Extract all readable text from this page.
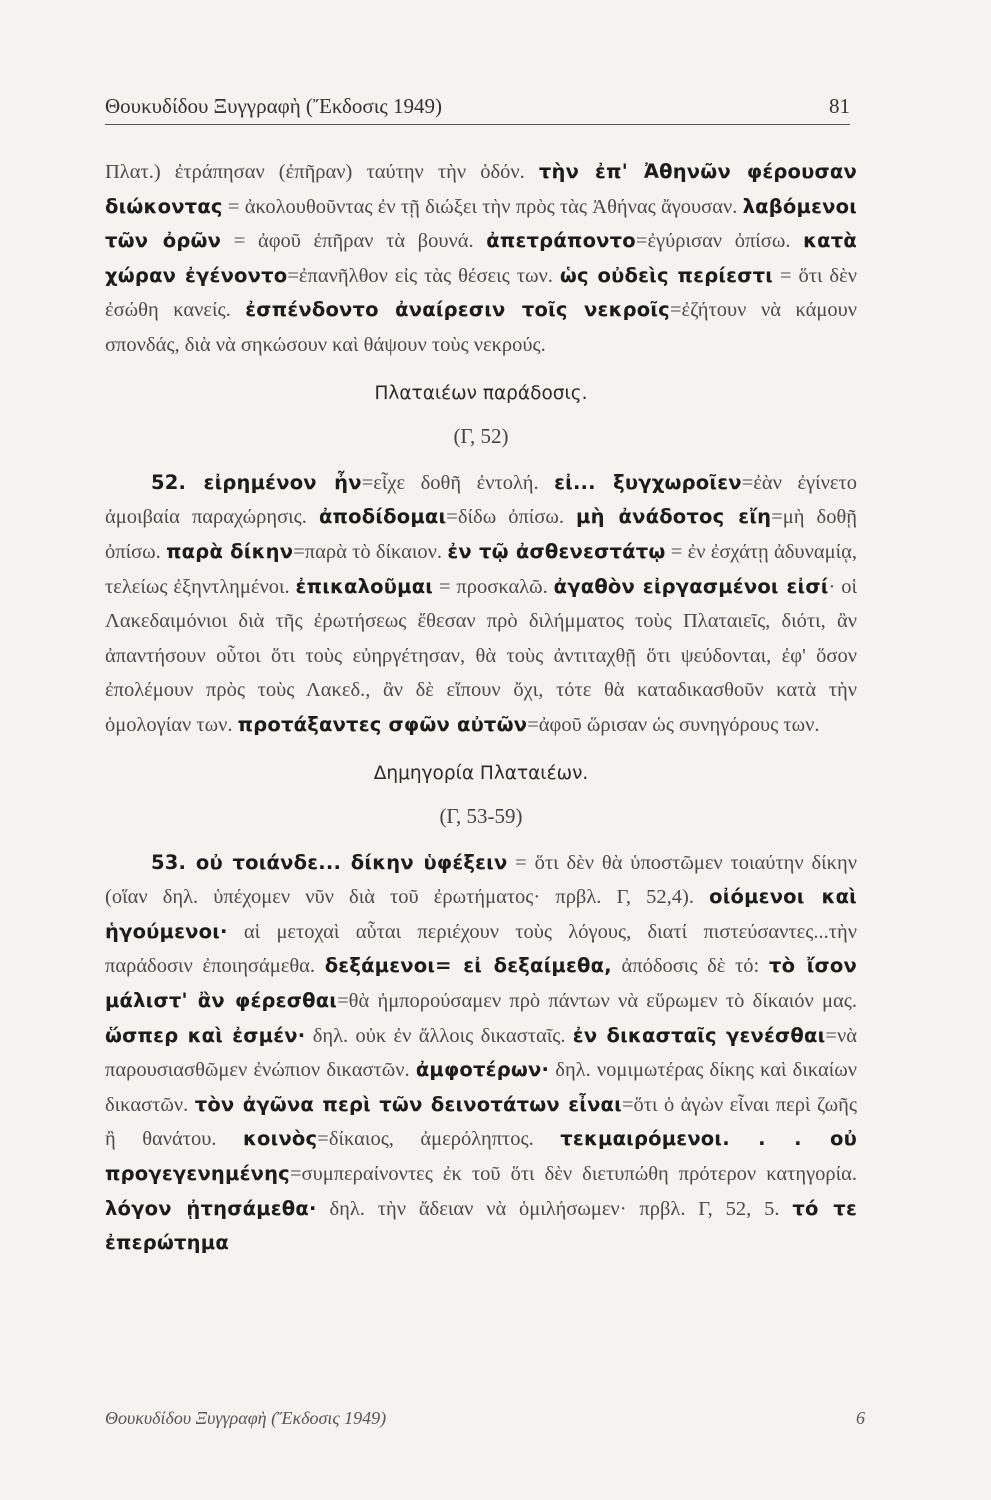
Θουκυδίδου Ξυγγραφὴ (Ἔκδοσις 1949)	81

Πλατ.) ἐτράπησαν (ἐπῆραν) ταύτην τὴν ὁδόν. τὴν ἐπ' Ἀθηνῶν φέρουσαν διώκοντας = ἀκολουθοῦντας ἐν τῇ διώξει τὴν πρὸς τὰς Ἀθήνας ἄγουσαν. λαβόμενοι τῶν ὀρῶν = ἀφοῦ ἐπῆραν τὰ βουνά. ἀπετράποντο=ἐγύρισαν ὀπίσω. κατὰ χώραν ἐγένοντο=ἐπανῆλθον εἰς τὰς θέσεις των. ὡς οὐδεὶς περίεστι = ὅτι δὲν ἐσώθη κανείς. ἐσπένδοντο ἀναίρεσιν τοῖς νεκροῖς=ἐζήτουν νὰ κάμουν σπονδάς, διὰ νὰ σηκώσουν καὶ θάψουν τοὺς νεκρούς.

Πλαταιέων παράδοσις.

(Γ, 52)

52. εἰρημένον ἦν=εἶχε δοθῆ ἐντολή. εἰ... ξυγχωροῖεν=ἐὰν ἐγίνετο ἀμοιβαία παραχώρησις. ἀποδίδομαι=δίδω ὀπίσω. μὴ ἀνάδοτος εἴη=μὴ δοθῇ ὀπίσω. παρὰ δίκην=παρὰ τὸ δίκαιον. ἐν τῷ ἀσθενεστάτῳ = ἐν ἐσχάτῃ ἀδυναμίᾳ, τελείως ἐξηντλημένοι. ἐπικαλοῦμαι = προσκαλῶ. ἀγαθὸν εἰργασμένοι εἰσί· οἱ Λακεδαιμόνιοι διὰ τῆς ἐρωτήσεως ἔθεσαν πρὸ διλήμματος τοὺς Πλαταιεῖς, διότι, ἂν ἀπαντήσουν οὗτοι ὅτι τοὺς εὐηργέτησαν, θὰ τοὺς ἀντιταχθῇ ὅτι ψεύδονται, ἐφ' ὅσον ἐπολέμουν πρὸς τοὺς Λακεδ., ἂν δὲ εἴπουν ὄχι, τότε θὰ καταδικασθοῦν κατὰ τὴν ὁμολογίαν των. προτάξαντες σφῶν αὐτῶν=ἀφοῦ ὥρισαν ὡς συνηγόρους των.

Δημηγορία Πλαταιέων.

(Γ, 53-59)

53. οὐ τοιάνδε... δίκην ὑφέξειν = ὅτι δὲν θὰ ὑποστῶμεν τοιαύτην δίκην (οἵαν δηλ. ὑπέχομεν νῦν διὰ τοῦ ἐρωτήματος· πρβλ. Γ, 52,4). οἰόμενοι καὶ ἡγούμενοι· αἱ μετοχαὶ αὗται περιέχουν τοὺς λόγους, διατί πιστεύσαντες...τὴν παράδοσιν ἐποιησάμεθα. δεξάμενοι= εἰ δεξαίμεθα, ἀπόδοσις δὲ τό: τὸ ἴσον μάλιστ' ἂν φέρεσθαι=θὰ ἠμπορούσαμεν πρὸ πάντων νὰ εὕρωμεν τὸ δίκαιόν μας. ὥσπερ καὶ ἐσμέν· δηλ. οὐκ ἐν ἄλλοις δικασταῖς. ἐν δικασταῖς γενέσθαι=νὰ παρουσιασθῶμεν ἐνώπιον δικαστῶν. ἀμφοτέρων· δηλ. νομιμωτέρας δίκης καὶ δικαίων δικαστῶν. τὸν ἀγῶνα περὶ τῶν δεινοτάτων εἶναι=ὅτι ὁ ἀγὼν εἶναι περὶ ζωῆς ἢ θανάτου. κοινὸς=δίκαιος, ἀμερόληπτος. τεκμαιρόμενοι. . . οὐ προγεγενημένης=συμπεραίνοντες ἐκ τοῦ ὅτι δὲν διετυπώθη πρότερον κατηγορία. λόγον ᾐτησάμεθα· δηλ. τὴν ἄδειαν νὰ ὁμιλήσωμεν· πρβλ. Γ, 52, 5. τό τε ἐπερώτημα

Θουκυδίδου Ξυγγραφὴ (Ἔκδοσις 1949)	6
